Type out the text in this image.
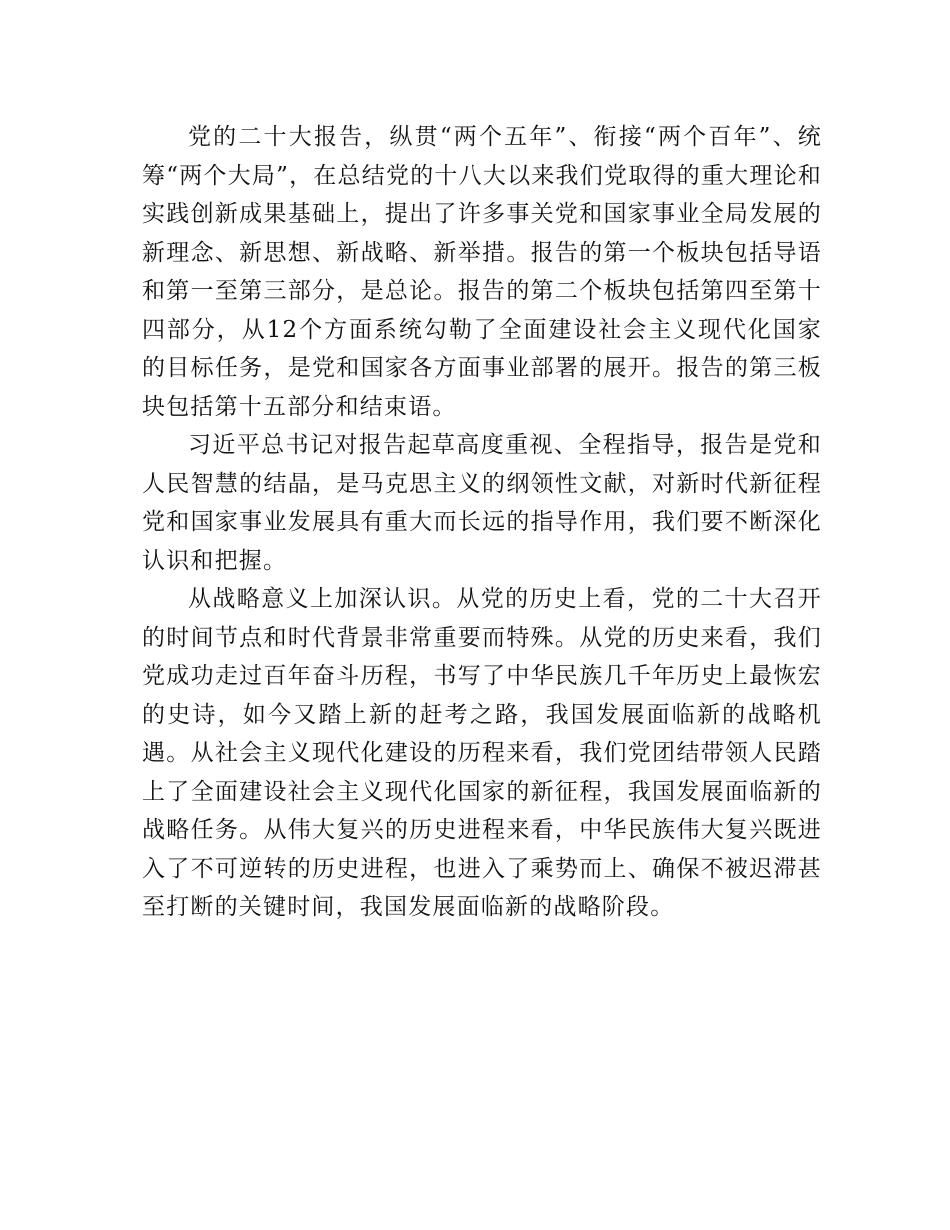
党的二十大报告，纵贯“两个五年”、衔接“两个百年”、统筹“两个大局”，在总结党的十八大以来我们党取得的重大理论和实践创新成果基础上，提出了许多事关党和国家事业全局发展的新理念、新思想、新战略、新举措。报告的第一个板块包括导语和第一至第三部分，是总论。报告的第二个板块包括第四至第十四部分，从12个方面系统勾勒了全面建设社会主义现代化国家的目标任务，是党和国家各方面事业部署的展开。报告的第三板块包括第十五部分和结束语。

习近平总书记对报告起草高度重视、全程指导，报告是党和人民智慧的结晶，是马克思主义的纲领性文献，对新时代新征程党和国家事业发展具有重大而长远的指导作用，我们要不断深化认识和把握。

从战略意义上加深认识。从党的历史上看，党的二十大召开的时间节点和时代背景非常重要而特殊。从党的历史来看，我们党成功走过百年奋斗历程，书写了中华民族几千年历史上最恢宏的史诗，如今又踏上新的赶考之路，我国发展面临新的战略机遇。从社会主义现代化建设的历程来看，我们党团结带领人民踏上了全面建设社会主义现代化国家的新征程，我国发展面临新的战略任务。从伟大复兴的历史进程来看，中华民族伟大复兴既进入了不可逆转的历史进程，也进入了乘势而上、确保不被迟滞甚至打断的关键时间，我国发展面临新的战略阶段。
